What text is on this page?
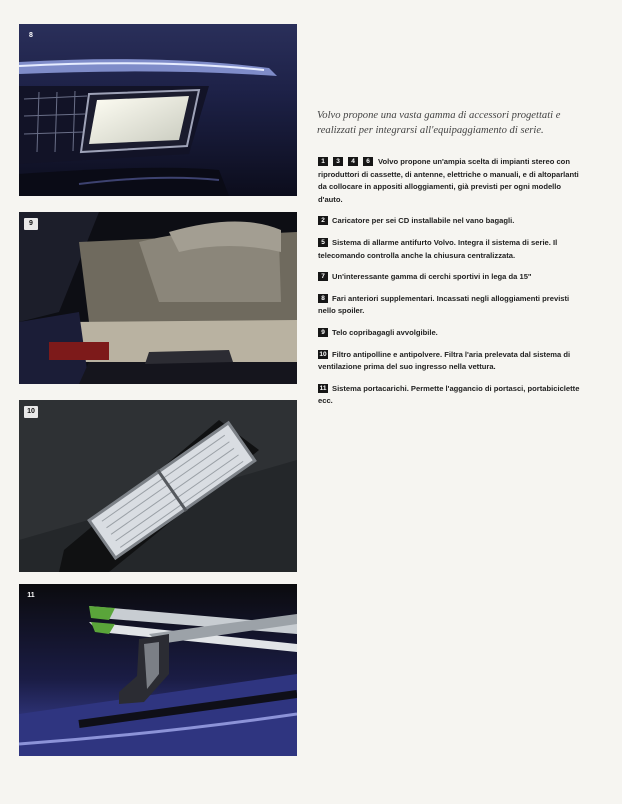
8
9
10
11
Volvo propone una vasta gamma di accessori progettati e realizzati per integrarsi all'equipaggiamento di serie.
1 3 4 6 Volvo propone un'ampia scelta di impianti stereo con riproduttori di cassette, di antenne, elettriche o manuali, e di altoparlanti da collocare in appositi alloggiamenti, già previsti per ogni modello d'auto.
2 Caricatore per sei CD installabile nel vano bagagli.
5 Sistema di allarme antifurto Volvo. Integra il sistema di serie. Il telecomando controlla anche la chiusura centralizzata.
7 Un'interessante gamma di cerchi sportivi in lega da 15"
8 Fari anteriori supplementari. Incassati negli alloggiamenti previsti nello spoiler.
9 Telo copribagagli avvolgibile.
10 Filtro antipolline e antipolvere. Filtra l'aria prelevata dal sistema di ventilazione prima del suo ingresso nella vettura.
11 Sistema portacarichi. Permette l'aggancio di portasci, portabiciclette ecc.
